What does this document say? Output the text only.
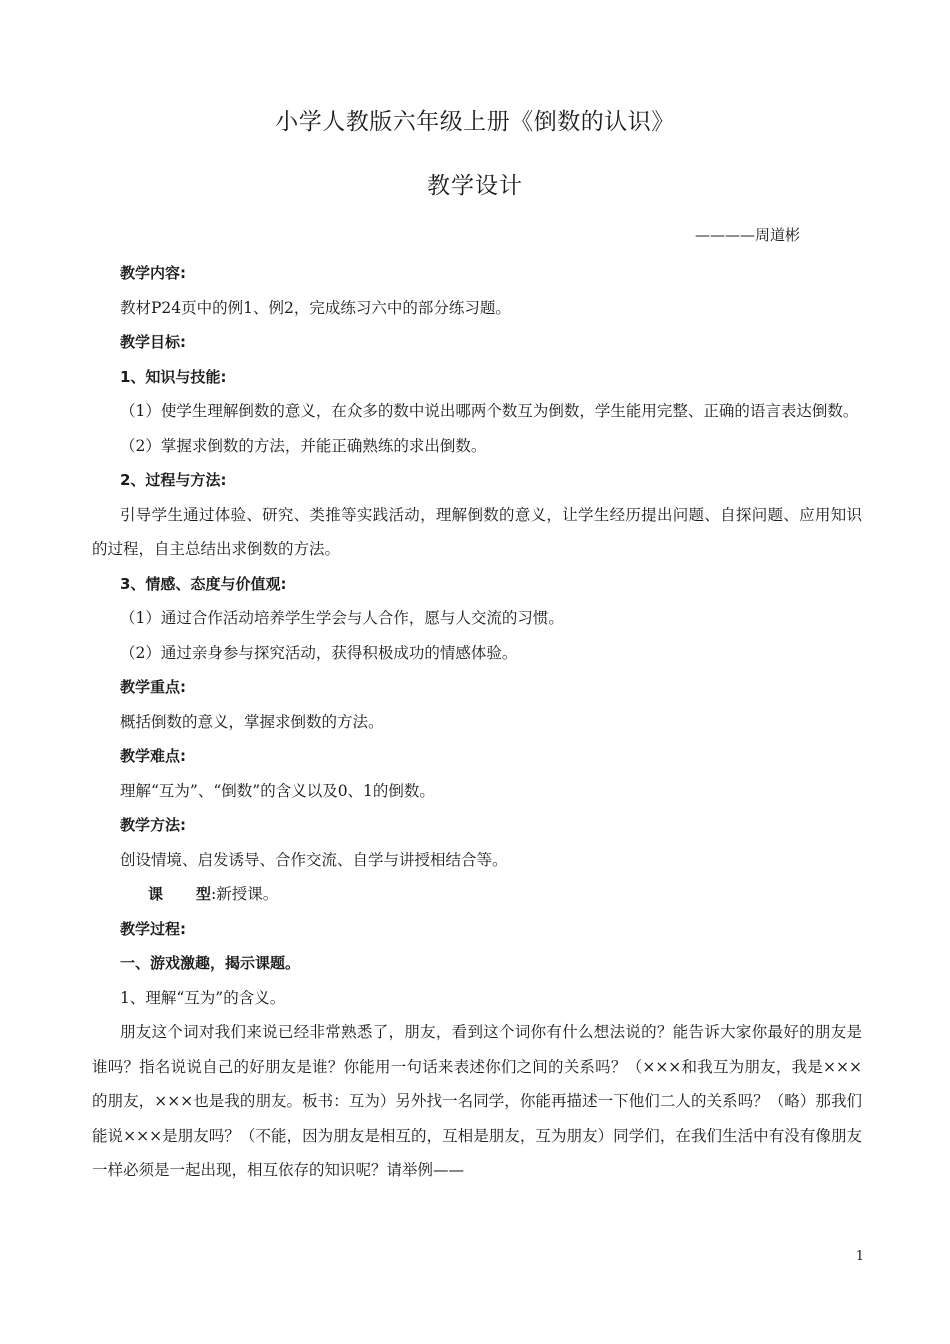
小学人教版六年级上册《倒数的认识》
教学设计
————周道彬

教学内容:

教材P24页中的例1、例2，完成练习六中的部分练习题。

教学目标:

1、知识与技能:

（1）使学生理解倒数的意义，在众多的数中说出哪两个数互为倒数，学生能用完整、正确的语言表达倒数。

（2）掌握求倒数的方法，并能正确熟练的求出倒数。

2、过程与方法:

引导学生通过体验、研究、类推等实践活动，理解倒数的意义，让学生经历提出问题、自探问题、应用知识的过程，自主总结出求倒数的方法。

3、情感、态度与价值观:

（1）通过合作活动培养学生学会与人合作，愿与人交流的习惯。

（2）通过亲身参与探究活动，获得积极成功的情感体验。

教学重点:

概括倒数的意义，掌握求倒数的方法。

教学难点:

理解“互为”、“倒数”的含义以及0、1的倒数。

教学方法:

创设情境、启发诱导、合作交流、自学与讲授相结合等。

课 型:新授课。

教学过程:

一、游戏激趣，揭示课题。

1、理解“互为”的含义。

朋友这个词对我们来说已经非常熟悉了，朋友，看到这个词你有什么想法说的？能告诉大家你最好的朋友是谁吗？指名说说自己的好朋友是谁？你能用一句话来表述你们之间的关系吗？（×××和我互为朋友，我是×××的朋友，×××也是我的朋友。板书：互为）另外找一名同学，你能再描述一下他们二人的关系吗？（略）那我们能说×××是朋友吗？（不能，因为朋友是相互的，互相是朋友，互为朋友）同学们，在我们生活中有没有像朋友一样必须是一起出现，相互依存的知识呢？请举例——

1
